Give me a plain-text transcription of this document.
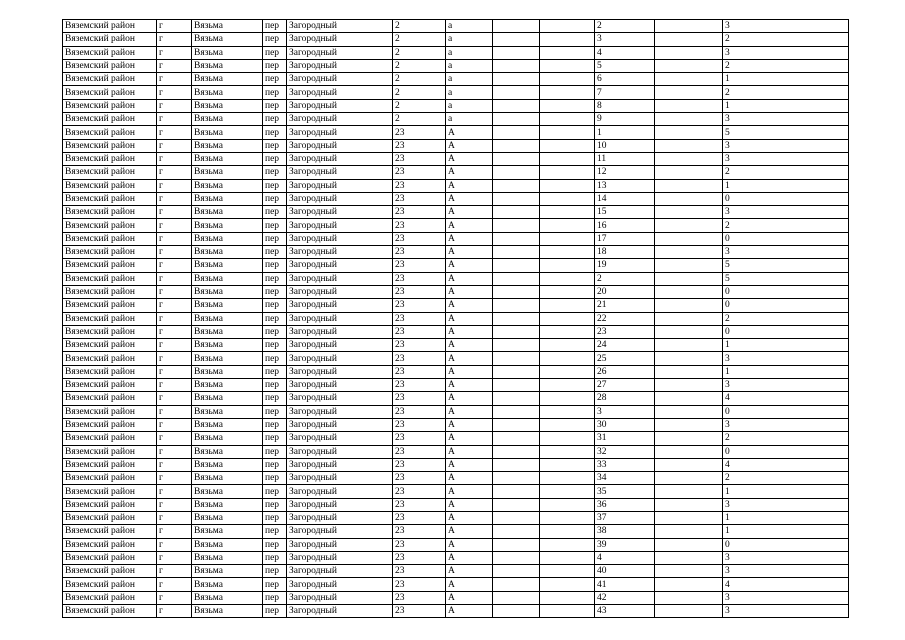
Вяземский район	г	Вязьма	пер	Загородный	2	а			2		3
Вяземский район	г	Вязьма	пер	Загородный	2	а			3		2
Вяземский район	г	Вязьма	пер	Загородный	2	а			4		3
Вяземский район	г	Вязьма	пер	Загородный	2	а			5		2
Вяземский район	г	Вязьма	пер	Загородный	2	а			6		1
Вяземский район	г	Вязьма	пер	Загородный	2	а			7		2
Вяземский район	г	Вязьма	пер	Загородный	2	а			8		1
Вяземский район	г	Вязьма	пер	Загородный	2	а			9		3
Вяземский район	г	Вязьма	пер	Загородный	23	А			1		5
Вяземский район	г	Вязьма	пер	Загородный	23	А			10		3
Вяземский район	г	Вязьма	пер	Загородный	23	А			11		3
Вяземский район	г	Вязьма	пер	Загородный	23	А			12		2
Вяземский район	г	Вязьма	пер	Загородный	23	А			13		1
Вяземский район	г	Вязьма	пер	Загородный	23	А			14		0
Вяземский район	г	Вязьма	пер	Загородный	23	А			15		3
Вяземский район	г	Вязьма	пер	Загородный	23	А			16		2
Вяземский район	г	Вязьма	пер	Загородный	23	А			17		0
Вяземский район	г	Вязьма	пер	Загородный	23	А			18		3
Вяземский район	г	Вязьма	пер	Загородный	23	А			19		5
Вяземский район	г	Вязьма	пер	Загородный	23	А			2		5
Вяземский район	г	Вязьма	пер	Загородный	23	А			20		0
Вяземский район	г	Вязьма	пер	Загородный	23	А			21		0
Вяземский район	г	Вязьма	пер	Загородный	23	А			22		2
Вяземский район	г	Вязьма	пер	Загородный	23	А			23		0
Вяземский район	г	Вязьма	пер	Загородный	23	А			24		1
Вяземский район	г	Вязьма	пер	Загородный	23	А			25		3
Вяземский район	г	Вязьма	пер	Загородный	23	А			26		1
Вяземский район	г	Вязьма	пер	Загородный	23	А			27		3
Вяземский район	г	Вязьма	пер	Загородный	23	А			28		4
Вяземский район	г	Вязьма	пер	Загородный	23	А			3		0
Вяземский район	г	Вязьма	пер	Загородный	23	А			30		3
Вяземский район	г	Вязьма	пер	Загородный	23	А			31		2
Вяземский район	г	Вязьма	пер	Загородный	23	А			32		0
Вяземский район	г	Вязьма	пер	Загородный	23	А			33		4
Вяземский район	г	Вязьма	пер	Загородный	23	А			34		2
Вяземский район	г	Вязьма	пер	Загородный	23	А			35		1
Вяземский район	г	Вязьма	пер	Загородный	23	А			36		3
Вяземский район	г	Вязьма	пер	Загородный	23	А			37		1
Вяземский район	г	Вязьма	пер	Загородный	23	А			38		1
Вяземский район	г	Вязьма	пер	Загородный	23	А			39		0
Вяземский район	г	Вязьма	пер	Загородный	23	А			4		3
Вяземский район	г	Вязьма	пер	Загородный	23	А			40		3
Вяземский район	г	Вязьма	пер	Загородный	23	А			41		4
Вяземский район	г	Вязьма	пер	Загородный	23	А			42		3
Вяземский район	г	Вязьма	пер	Загородный	23	А			43		3
